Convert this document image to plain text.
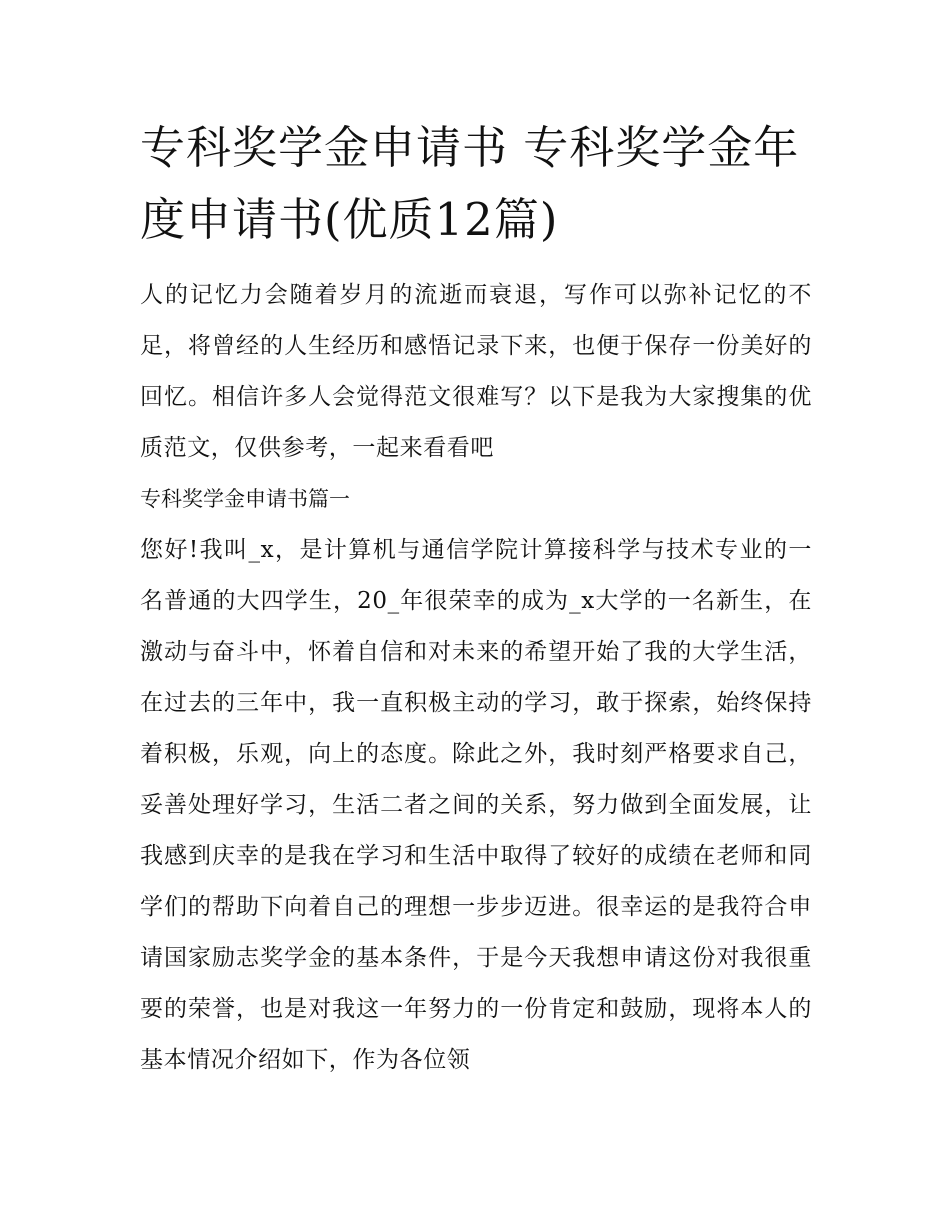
专科奖学金申请书 专科奖学金年度申请书(优质12篇)

人的记忆力会随着岁月的流逝而衰退，写作可以弥补记忆的不足，将曾经的人生经历和感悟记录下来，也便于保存一份美好的回忆。相信许多人会觉得范文很难写？以下是我为大家搜集的优质范文，仅供参考，一起来看看吧

专科奖学金申请书篇一

您好!我叫_x，是计算机与通信学院计算接科学与技术专业的一名普通的大四学生，20_年很荣幸的成为_x大学的一名新生，在激动与奋斗中，怀着自信和对未来的希望开始了我的大学生活，在过去的三年中，我一直积极主动的学习，敢于探索，始终保持着积极，乐观，向上的态度。除此之外，我时刻严格要求自己，妥善处理好学习，生活二者之间的关系，努力做到全面发展，让我感到庆幸的是我在学习和生活中取得了较好的成绩在老师和同学们的帮助下向着自己的理想一步步迈进。很幸运的是我符合申请国家励志奖学金的基本条件，于是今天我想申请这份对我很重要的荣誉，也是对我这一年努力的一份肯定和鼓励，现将本人的基本情况介绍如下，作为各位领
